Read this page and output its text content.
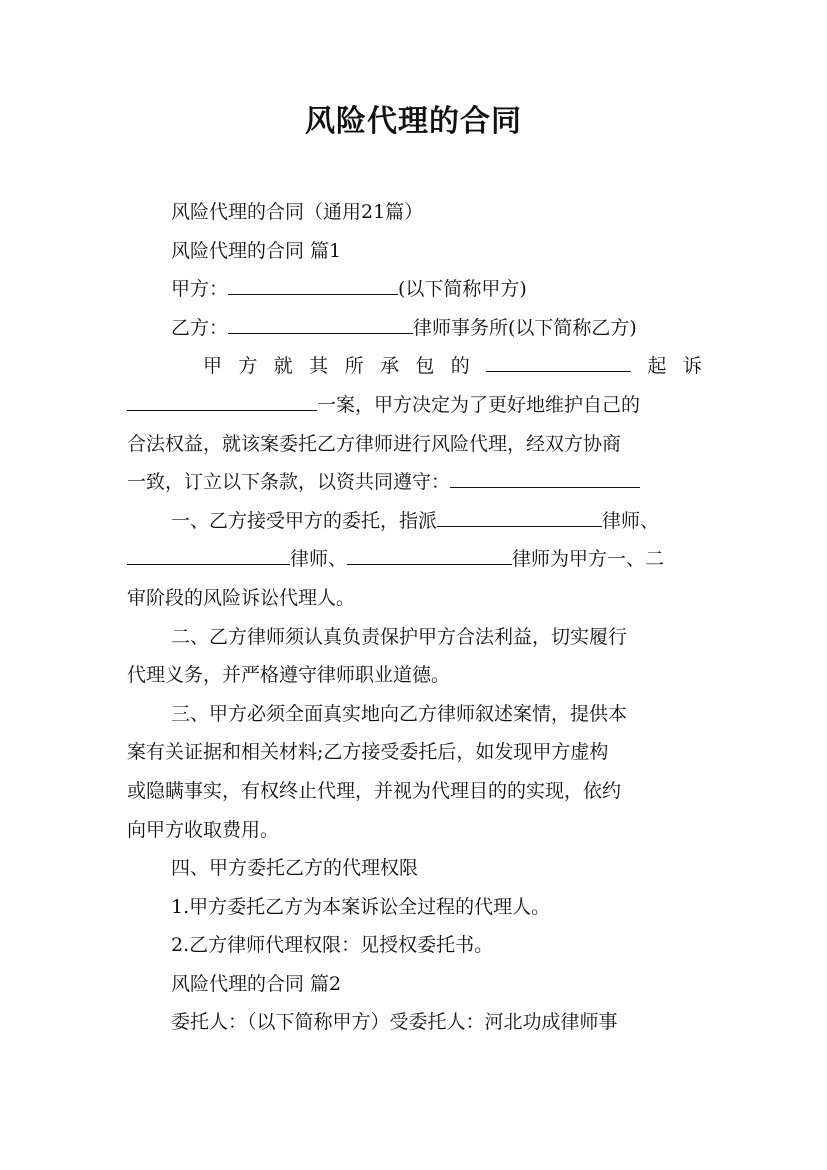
风险代理的合同
风险代理的合同（通用21篇）
风险代理的合同 篇1
甲方：	(以下简称甲方)
乙方：	律师事务所(以下简称乙方)
甲 方 就 其 所 承 包 的	起 诉
一案，甲方决定为了更好地维护自己的
合法权益，就该案委托乙方律师进行风险代理，经双方协商
一致，订立以下条款，以资共同遵守：
一、乙方接受甲方的委托，指派	律师、
律师、	律师为甲方一、二
审阶段的风险诉讼代理人。
二、乙方律师须认真负责保护甲方合法利益，切实履行
代理义务，并严格遵守律师职业道德。
三、甲方必须全面真实地向乙方律师叙述案情，提供本
案有关证据和相关材料;乙方接受委托后，如发现甲方虚构
或隐瞒事实，有权终止代理，并视为代理目的的实现，依约
向甲方收取费用。
四、甲方委托乙方的代理权限
1.甲方委托乙方为本案诉讼全过程的代理人。
2.乙方律师代理权限：见授权委托书。
风险代理的合同 篇2
委托人：（以下简称甲方）受委托人：河北功成律师事
